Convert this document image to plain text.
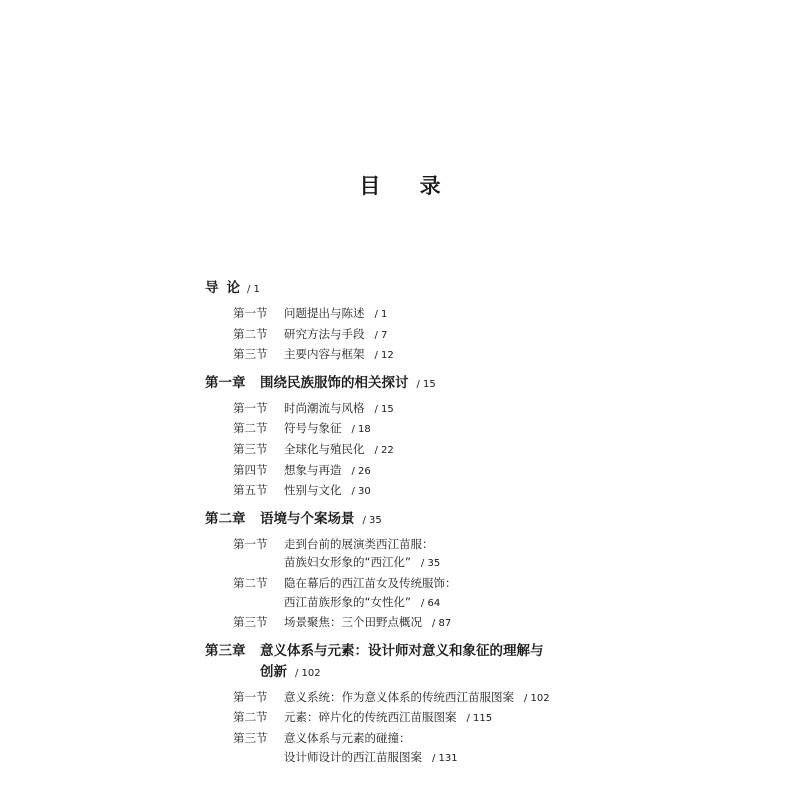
目 录
导论/ 1
第一节	问题提出与陈述 / 1
第二节	研究方法与手段 / 7
第三节	主要内容与框架 / 12
第一章 围绕民族服饰的相关探讨 / 15
第一节	时尚潮流与风格 / 15
第二节	符号与象征 / 18
第三节	全球化与殖民化 / 22
第四节	想象与再造 / 26
第五节	性别与文化 / 30
第二章 语境与个案场景 / 35
第一节	走到台前的展演类西江苗服：
苗族妇女形象的“西江化” / 35
第二节	隐在幕后的西江苗女及传统服饰：
西江苗族形象的“女性化” / 64
第三节	场景聚焦：三个田野点概况 / 87
第三章 意义体系与元素：设计师对意义和象征的理解与
创新 / 102
第一节	意义系统：作为意义体系的传统西江苗服图案 / 102
第二节	元素：碎片化的传统西江苗服图案 / 115
第三节	意义体系与元素的碰撞：
设计师设计的西江苗服图案 / 131
